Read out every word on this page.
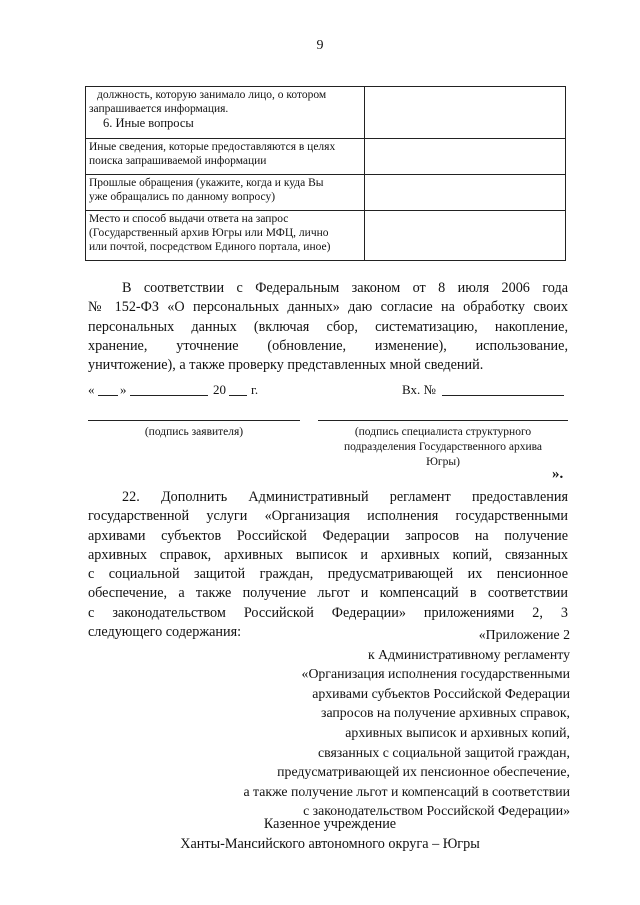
9
должность, которую занимало лицо, о котором
запрашивается информация.
6. Иные вопросы	

Иные сведения, которые предоставляются в целях
поиска запрашиваемой информации	

Прошлые обращения (укажите, когда и куда Вы
уже обращались по данному вопросу)	

Место и способ выдачи ответа на запрос
(Государственный архив Югры или МФЦ, лично
или почтой, посредством Единого портала, иное)	

В соответствии с Федеральным законом от 8 июля 2006 года

№ 152-ФЗ «О персональных данных» даю согласие на обработку своих

персональных данных (включая сбор, систематизацию, накопление,

хранение, уточнение (обновление, изменение), использование,

уничтожение), а также проверку представленных мной сведений.

« »	20 г.	Вх. №
(подпись заявителя)	(подпись специалиста структурного
подразделения Государственного архива
Югры)
».

22. Дополнить Административный регламент предоставления

государственной услуги «Организация исполнения государственными

архивами субъектов Российской Федерации запросов на получение

архивных справок, архивных выписок и архивных копий, связанных

с социальной защитой граждан, предусматривающей их пенсионное

обеспечение, а также получение льгот и компенсаций в соответствии

с законодательством Российской Федерации» приложениями 2, 3

следующего содержания:	«Приложение 2
к Административному регламенту
«Организация исполнения государственными
архивами субъектов Российской Федерации
запросов на получение архивных справок,
архивных выписок и архивных копий,
связанных с социальной защитой граждан,
предусматривающей их пенсионное обеспечение,
а также получение льгот и компенсаций в соответствии
с законодательством Российской Федерации»
Казенное учреждение
Ханты-Мансийского автономного округа – Югры
